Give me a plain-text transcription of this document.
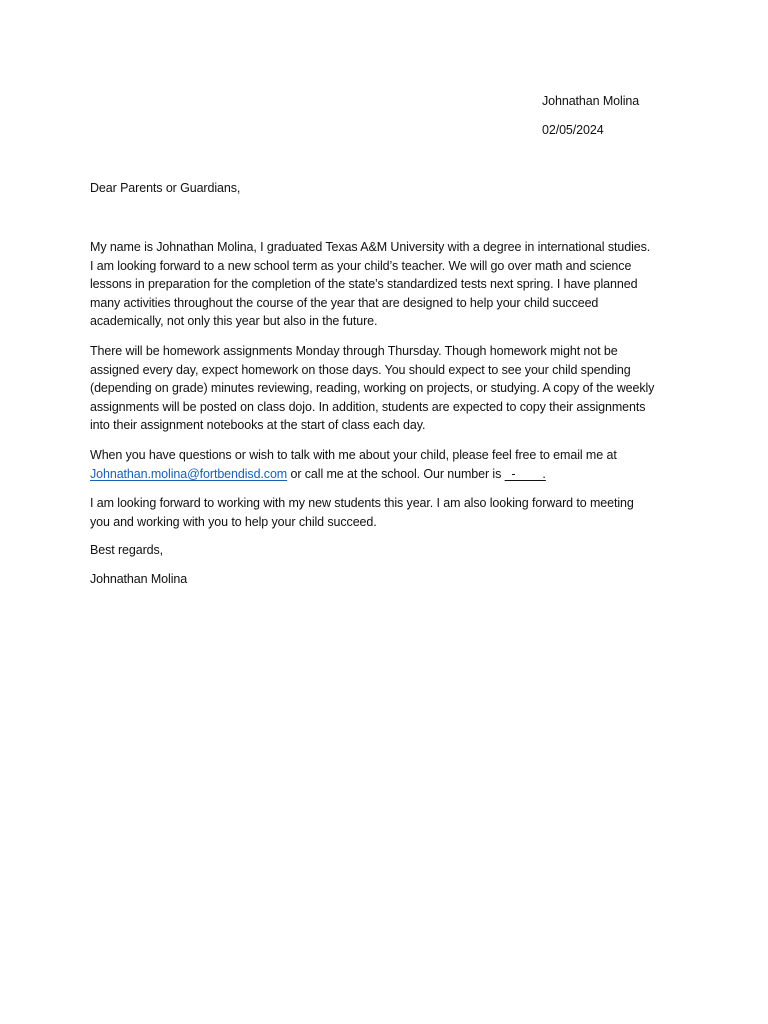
Johnathan Molina
02/05/2024
Dear Parents or Guardians,
My name is Johnathan Molina, I graduated Texas A&M University with a degree in international studies.
I am looking forward to a new school term as your child’s teacher. We will go over math and science
lessons in preparation for the completion of the state’s standardized tests next spring. I have planned
many activities throughout the course of the year that are designed to help your child succeed
academically, not only this year but also in the future.
There will be homework assignments Monday through Thursday. Though homework might not be
assigned every day, expect homework on those days. You should expect to see your child spending
(depending on grade) minutes reviewing, reading, working on projects, or studying. A copy of the weekly
assignments will be posted on class dojo. In addition, students are expected to copy their assignments
into their assignment notebooks at the start of class each day.
When you have questions or wish to talk with me about your child, please feel free to email me at
Johnathan.molina@fortbendisd.com or call me at the school. Our number is   -        .
I am looking forward to working with my new students this year. I am also looking forward to meeting
you and working with you to help your child succeed.
Best regards,
Johnathan Molina
